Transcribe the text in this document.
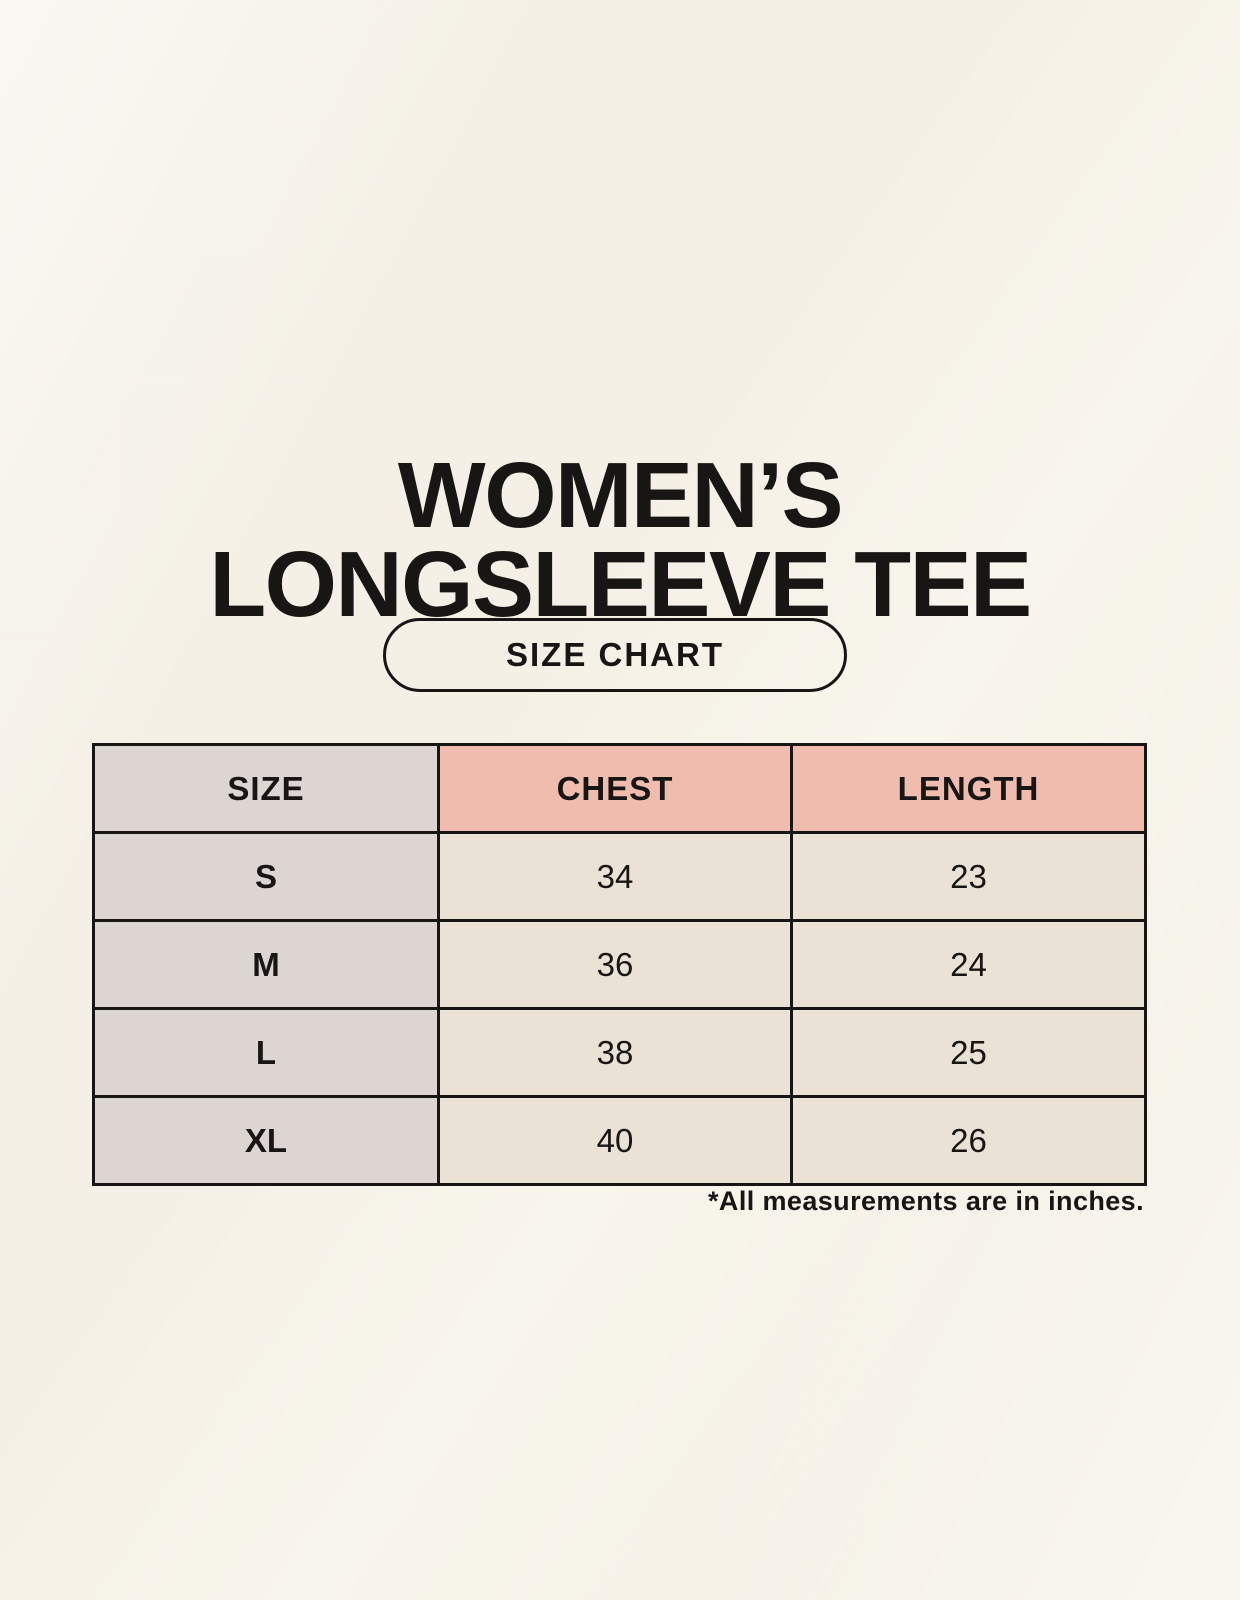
WOMEN’S
LONGSLEEVE TEE
SIZE CHART
SIZE	CHEST	LENGTH
S	34	23
M	36	24
L	38	25
XL	40	26
*All measurements are in inches.
